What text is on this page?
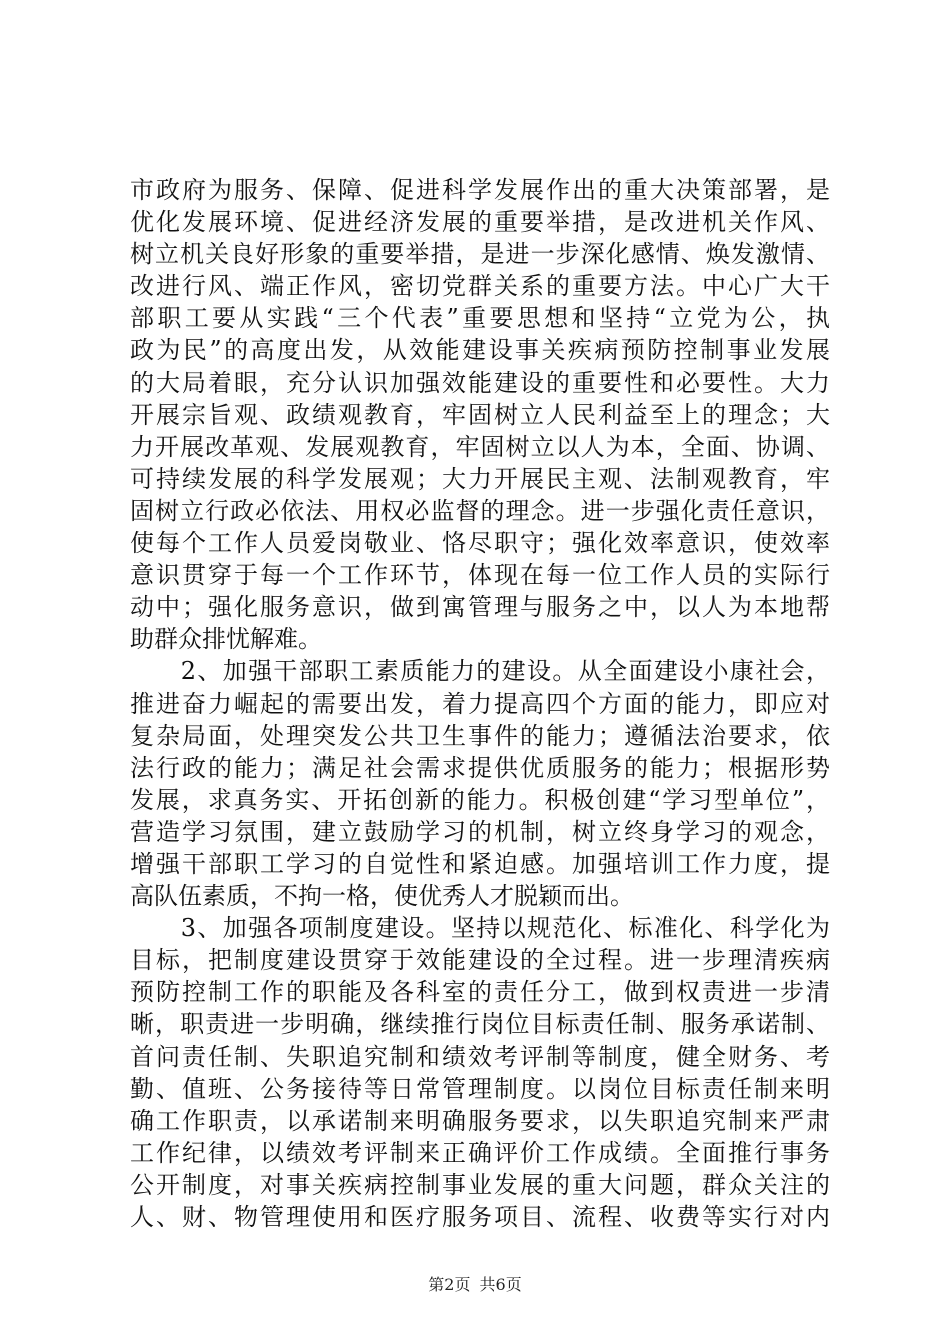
市政府为服务、保障、促进科学发展作出的重大决策部署，是
优化发展环境、促进经济发展的重要举措，是改进机关作风、
树立机关良好形象的重要举措，是进一步深化感情、焕发激情、
改进行风、端正作风，密切党群关系的重要方法。中心广大干
部职工要从实践“三个代表”重要思想和坚持“立党为公，执
政为民”的高度出发，从效能建设事关疾病预防控制事业发展
的大局着眼，充分认识加强效能建设的重要性和必要性。大力
开展宗旨观、政绩观教育，牢固树立人民利益至上的理念；大
力开展改革观、发展观教育，牢固树立以人为本，全面、协调、
可持续发展的科学发展观；大力开展民主观、法制观教育，牢
固树立行政必依法、用权必监督的理念。进一步强化责任意识，
使每个工作人员爱岗敬业、恪尽职守；强化效率意识，使效率
意识贯穿于每一个工作环节，体现在每一位工作人员的实际行
动中；强化服务意识，做到寓管理与服务之中，以人为本地帮
助群众排忧解难。
　　2、加强干部职工素质能力的建设。从全面建设小康社会，
推进奋力崛起的需要出发，着力提高四个方面的能力，即应对
复杂局面，处理突发公共卫生事件的能力；遵循法治要求，依
法行政的能力；满足社会需求提供优质服务的能力；根据形势
发展，求真务实、开拓创新的能力。积极创建“学习型单位”，
营造学习氛围，建立鼓励学习的机制，树立终身学习的观念，
增强干部职工学习的自觉性和紧迫感。加强培训工作力度，提
高队伍素质，不拘一格，使优秀人才脱颖而出。
　　3、加强各项制度建设。坚持以规范化、标准化、科学化为
目标，把制度建设贯穿于效能建设的全过程。进一步理清疾病
预防控制工作的职能及各科室的责任分工，做到权责进一步清
晰，职责进一步明确，继续推行岗位目标责任制、服务承诺制、
首问责任制、失职追究制和绩效考评制等制度，健全财务、考
勤、值班、公务接待等日常管理制度。以岗位目标责任制来明
确工作职责，以承诺制来明确服务要求，以失职追究制来严肃
工作纪律，以绩效考评制来正确评价工作成绩。全面推行事务
公开制度，对事关疾病控制事业发展的重大问题，群众关注的
人、财、物管理使用和医疗服务项目、流程、收费等实行对内
第2页 共6页
